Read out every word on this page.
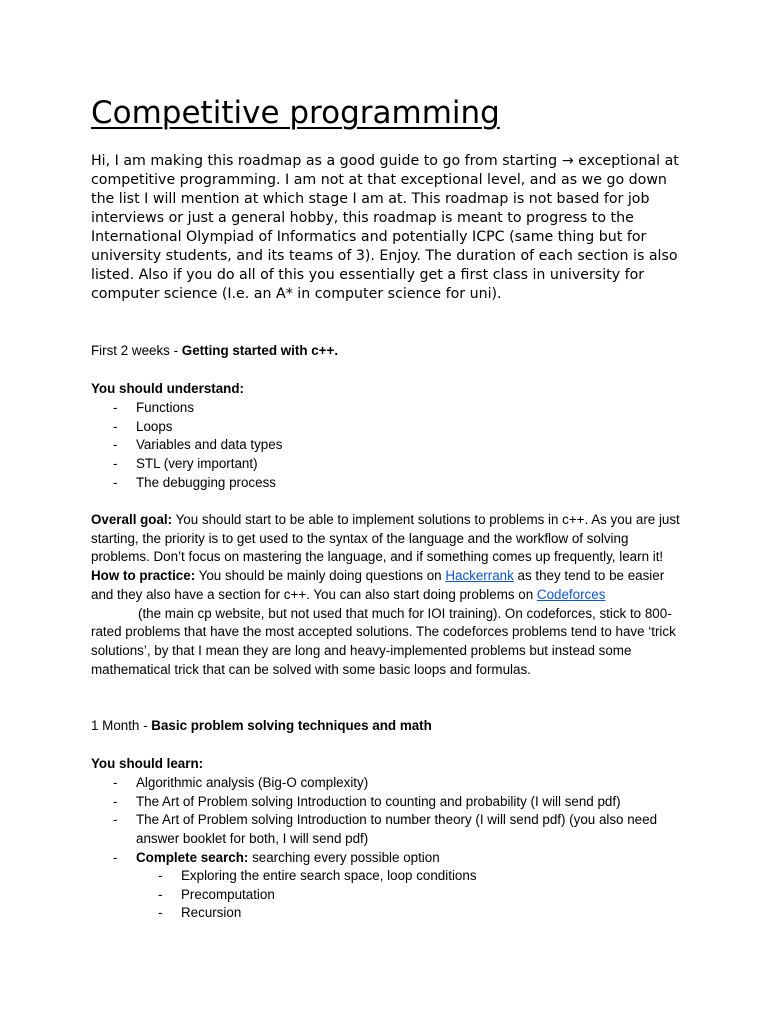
Competitive programming

Hi, I am making this roadmap as a good guide to go from starting → exceptional at competitive programming. I am not at that exceptional level, and as we go down the list I will mention at which stage I am at. This roadmap is not based for job interviews or just a general hobby, this roadmap is meant to progress to the International Olympiad of Informatics and potentially ICPC (same thing but for university students, and its teams of 3). Enjoy. The duration of each section is also listed. Also if you do all of this you essentially get a first class in university for computer science (I.e. an A* in computer science for uni).

First 2 weeks - Getting started with c++.

You should understand:

- Functions
- Loops
- Variables and data types
- STL (very important)
- The debugging process

Overall goal: You should start to be able to implement solutions to problems in c++. As you are just starting, the priority is to get used to the syntax of the language and the workflow of solving problems. Don’t focus on mastering the language, and if something comes up frequently, learn it!
How to practice: You should be mainly doing questions on Hackerrank as they tend to be easier and they also have a section for c++. You can also start doing problems on Codeforces
(the main cp website, but not used that much for IOI training). On codeforces, stick to 800-rated problems that have the most accepted solutions. The codeforces problems tend to have ‘trick solutions’, by that I mean they are long and heavy-implemented problems but instead some mathematical trick that can be solved with some basic loops and formulas.

1 Month - Basic problem solving techniques and math

You should learn:

- Algorithmic analysis (Big-O complexity)
- The Art of Problem solving Introduction to counting and probability (I will send pdf)
- The Art of Problem solving Introduction to number theory (I will send pdf) (you also need answer booklet for both, I will send pdf)
- Complete search: searching every possible option
- Exploring the entire search space, loop conditions
- Precomputation
- Recursion
